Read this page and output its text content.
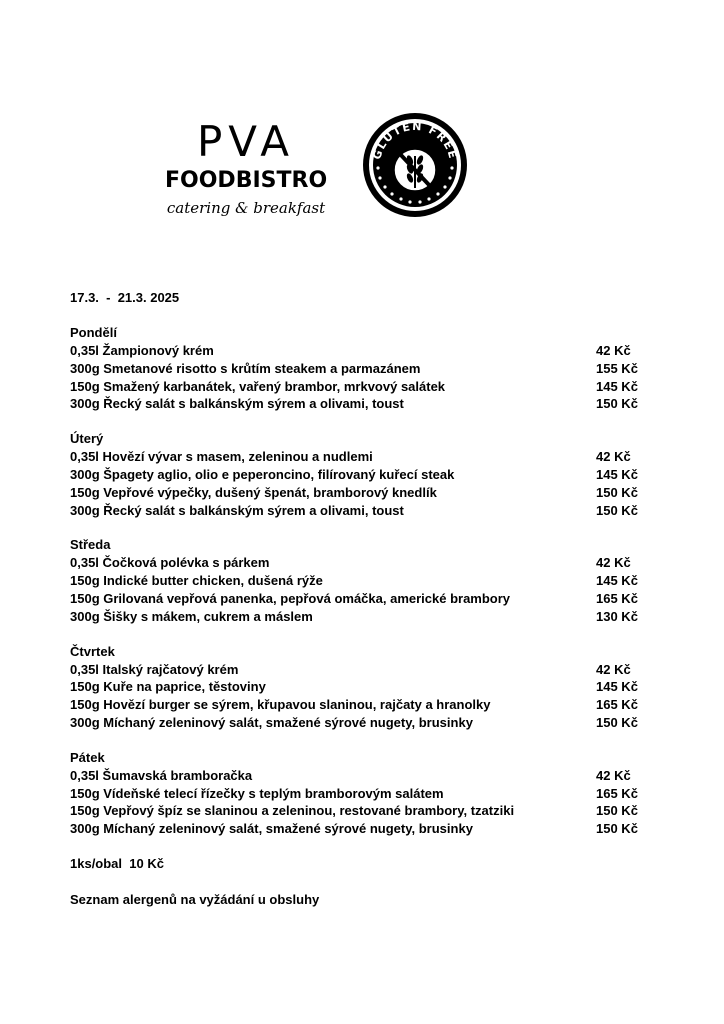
PVA
FOODBISTRO
catering & breakfast
GLUTEN FREE
17.3.  -  21.3. 2025
Pondělí
0,35l Žampionový krém	42 Kč
300g Smetanové risotto s krůtím steakem a parmazánem	155 Kč
150g Smažený karbanátek, vařený brambor, mrkvový salátek	145 Kč
300g Řecký salát s balkánským sýrem a olivami, toust	150 Kč
Úterý
0,35l Hovězí vývar s masem, zeleninou a nudlemi	42 Kč
300g Špagety aglio, olio e peperoncino, filírovaný kuřecí steak	145 Kč
150g Vepřové výpečky, dušený špenát, bramborový knedlík	150 Kč
300g Řecký salát s balkánským sýrem a olivami, toust	150 Kč
Středa
0,35l Čočková polévka s párkem	42 Kč
150g Indické butter chicken, dušená rýže	145 Kč
150g Grilovaná vepřová panenka, pepřová omáčka, americké brambory	165 Kč
300g Šišky s mákem, cukrem a máslem	130 Kč
Čtvrtek
0,35l Italský rajčatový krém	42 Kč
150g Kuře na paprice, těstoviny	145 Kč
150g Hovězí burger se sýrem, křupavou slaninou, rajčaty a hranolky	165 Kč
300g Míchaný zeleninový salát, smažené sýrové nugety, brusinky	150 Kč
Pátek
0,35l Šumavská bramboračka	42 Kč
150g Vídeňské telecí řízečky s teplým bramborovým salátem	165 Kč
150g Vepřový špíz se slaninou a zeleninou, restované brambory, tzatziki	150 Kč
300g Míchaný zeleninový salát, smažené sýrové nugety, brusinky	150 Kč
1ks/obal  10 Kč
Seznam alergenů na vyžádání u obsluhy
